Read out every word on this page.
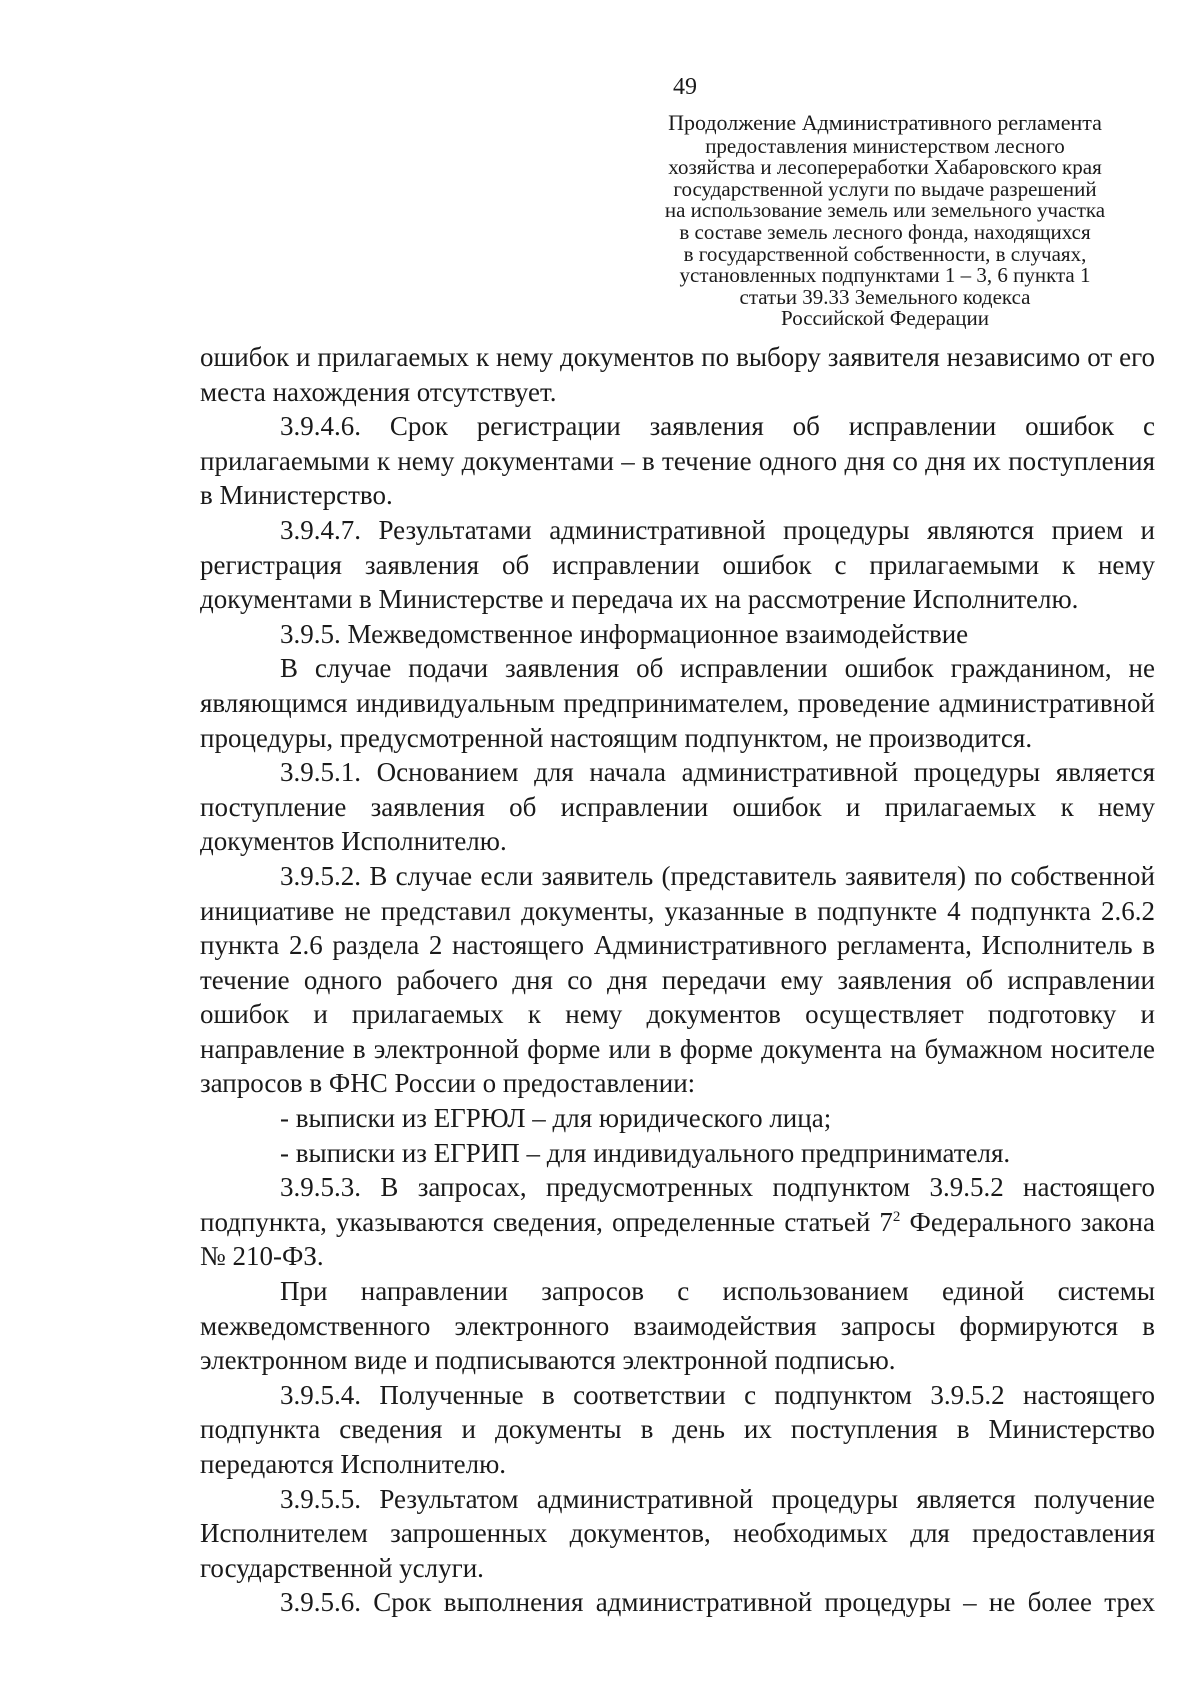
49
Продолжение Административного регламента
предоставления министерством лесного
хозяйства и лесопереработки Хабаровского края
государственной услуги по выдаче разрешений
на использование земель или земельного участка
в составе земель лесного фонда, находящихся
в государственной собственности, в случаях,
установленных подпунктами 1 – 3, 6 пункта 1
статьи 39.33 Земельного кодекса
Российской Федерации

ошибок и прилагаемых к нему документов по выбору заявителя независимо от его места нахождения отсутствует.

3.9.4.6. Срок регистрации заявления об исправлении ошибок с прилагаемыми к нему документами – в течение одного дня со дня их поступления в Министерство.

3.9.4.7. Результатами административной процедуры являются прием и регистрация заявления об исправлении ошибок с прилагаемыми к нему документами в Министерстве и передача их на рассмотрение Исполнителю.

3.9.5. Межведомственное информационное взаимодействие

В случае подачи заявления об исправлении ошибок гражданином, не являющимся индивидуальным предпринимателем, проведение административной процедуры, предусмотренной настоящим подпунктом, не производится.

3.9.5.1. Основанием для начала административной процедуры является поступление заявления об исправлении ошибок и прилагаемых к нему документов Исполнителю.

3.9.5.2. В случае если заявитель (представитель заявителя) по собственной инициативе не представил документы, указанные в подпункте 4 подпункта 2.6.2 пункта 2.6 раздела 2 настоящего Административного регламента, Исполнитель в течение одного рабочего дня со дня передачи ему заявления об исправлении ошибок и прилагаемых к нему документов осуществляет подготовку и направление в электронной форме или в форме документа на бумажном носителе запросов в ФНС России о предоставлении:

- выписки из ЕГРЮЛ – для юридического лица;

- выписки из ЕГРИП – для индивидуального предпринимателя.

3.9.5.3. В запросах, предусмотренных подпунктом 3.9.5.2 настоящего подпункта, указываются сведения, определенные статьей $7^2$ Федерального закона № 210-ФЗ.

При направлении запросов с использованием единой системы межведомственного электронного взаимодействия запросы формируются в электронном виде и подписываются электронной подписью.

3.9.5.4. Полученные в соответствии с подпунктом 3.9.5.2 настоящего подпункта сведения и документы в день их поступления в Министерство передаются Исполнителю.

3.9.5.5. Результатом административной процедуры является получение Исполнителем запрошенных документов, необходимых для предоставления государственной услуги.

3.9.5.6. Срок выполнения административной процедуры – не более трех
